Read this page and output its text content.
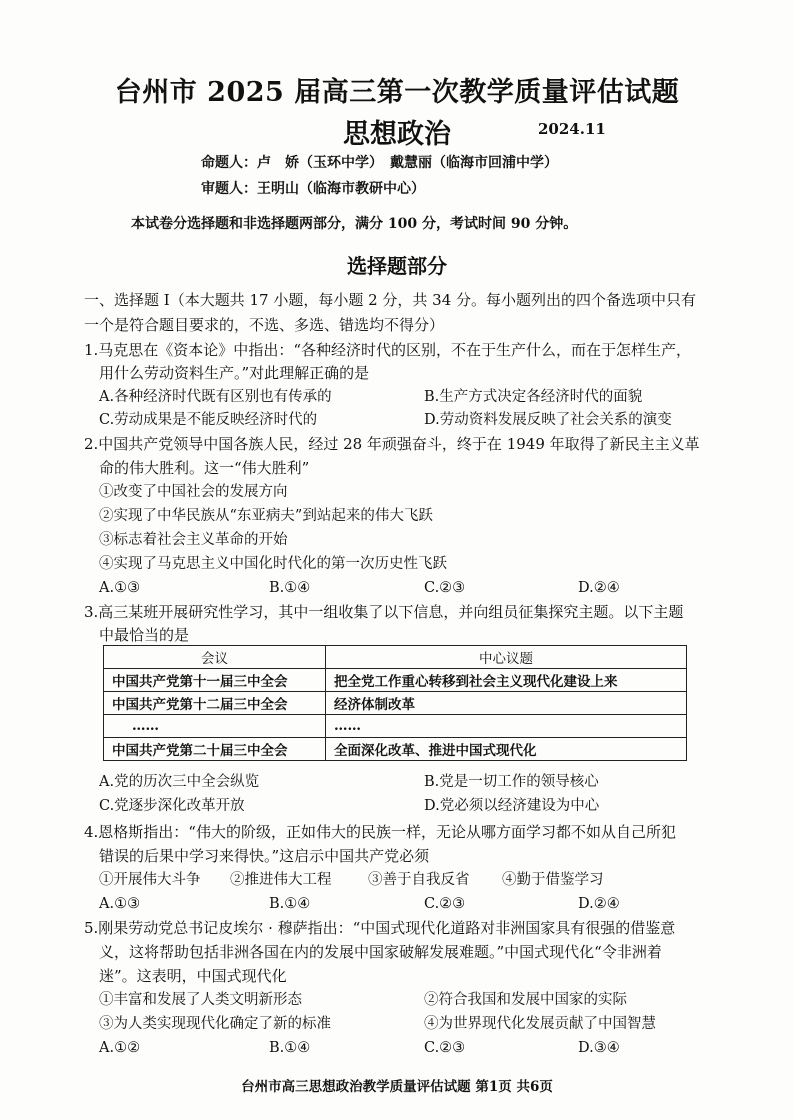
台州市 2025 届高三第一次教学质量评估试题
思想政治	2024.11
命题人：卢　娇（玉环中学）　戴慧丽（临海市回浦中学）
审题人：王明山（临海市教研中心）
本试卷分选择题和非选择题两部分，满分 100 分，考试时间 90 分钟。
选择题部分
一、选择题 I（本大题共 17 小题，每小题 2 分，共 34 分。每小题列出的四个备选项中只有
一个是符合题目要求的，不选、多选、错选均不得分）
1.马克思在《资本论》中指出：“各种经济时代的区别，不在于生产什么，而在于怎样生产，
用什么劳动资料生产。”对此理解正确的是
A.各种经济时代既有区别也有传承的	B.生产方式决定各经济时代的面貌
C.劳动成果是不能反映经济时代的	D.劳动资料发展反映了社会关系的演变
2.中国共产党领导中国各族人民，经过 28 年顽强奋斗，终于在 1949 年取得了新民主主义革
命的伟大胜利。这一“伟大胜利”
①改变了中国社会的发展方向
②实现了中华民族从“东亚病夫”到站起来的伟大飞跃
③标志着社会主义革命的开始
④实现了马克思主义中国化时代化的第一次历史性飞跃
A.①③	B.①④	C.②③	D.②④
3.高三某班开展研究性学习，其中一组收集了以下信息，并向组员征集探究主题。以下主题
中最恰当的是
会议	中心议题
中国共产党第十一届三中全会	把全党工作重心转移到社会主义现代化建设上来
中国共产党第十二届三中全会	经济体制改革
……	……
中国共产党第二十届三中全会	全面深化改革、推进中国式现代化
A.党的历次三中全会纵览	B.党是一切工作的领导核心
C.党逐步深化改革开放	D.党必须以经济建设为中心
4.恩格斯指出：“伟大的阶级，正如伟大的民族一样，无论从哪方面学习都不如从自己所犯
错误的后果中学习来得快。”这启示中国共产党必须
①开展伟大斗争 ②推进伟大工程	③善于自我反省 ④勤于借鉴学习
A.①③	B.①④	C.②③	D.②④
5.刚果劳动党总书记皮埃尔 · 穆萨指出：“中国式现代化道路对非洲国家具有很强的借鉴意
义，这将帮助包括非洲各国在内的发展中国家破解发展难题。”中国式现代化“令非洲着
迷”。这表明，中国式现代化
①丰富和发展了人类文明新形态	②符合我国和发展中国家的实际
③为人类实现现代化确定了新的标准	④为世界现代化发展贡献了中国智慧
A.①②	B.①④	C.②③	D.③④
台州市高三思想政治教学质量评估试题 第1页 共6页
